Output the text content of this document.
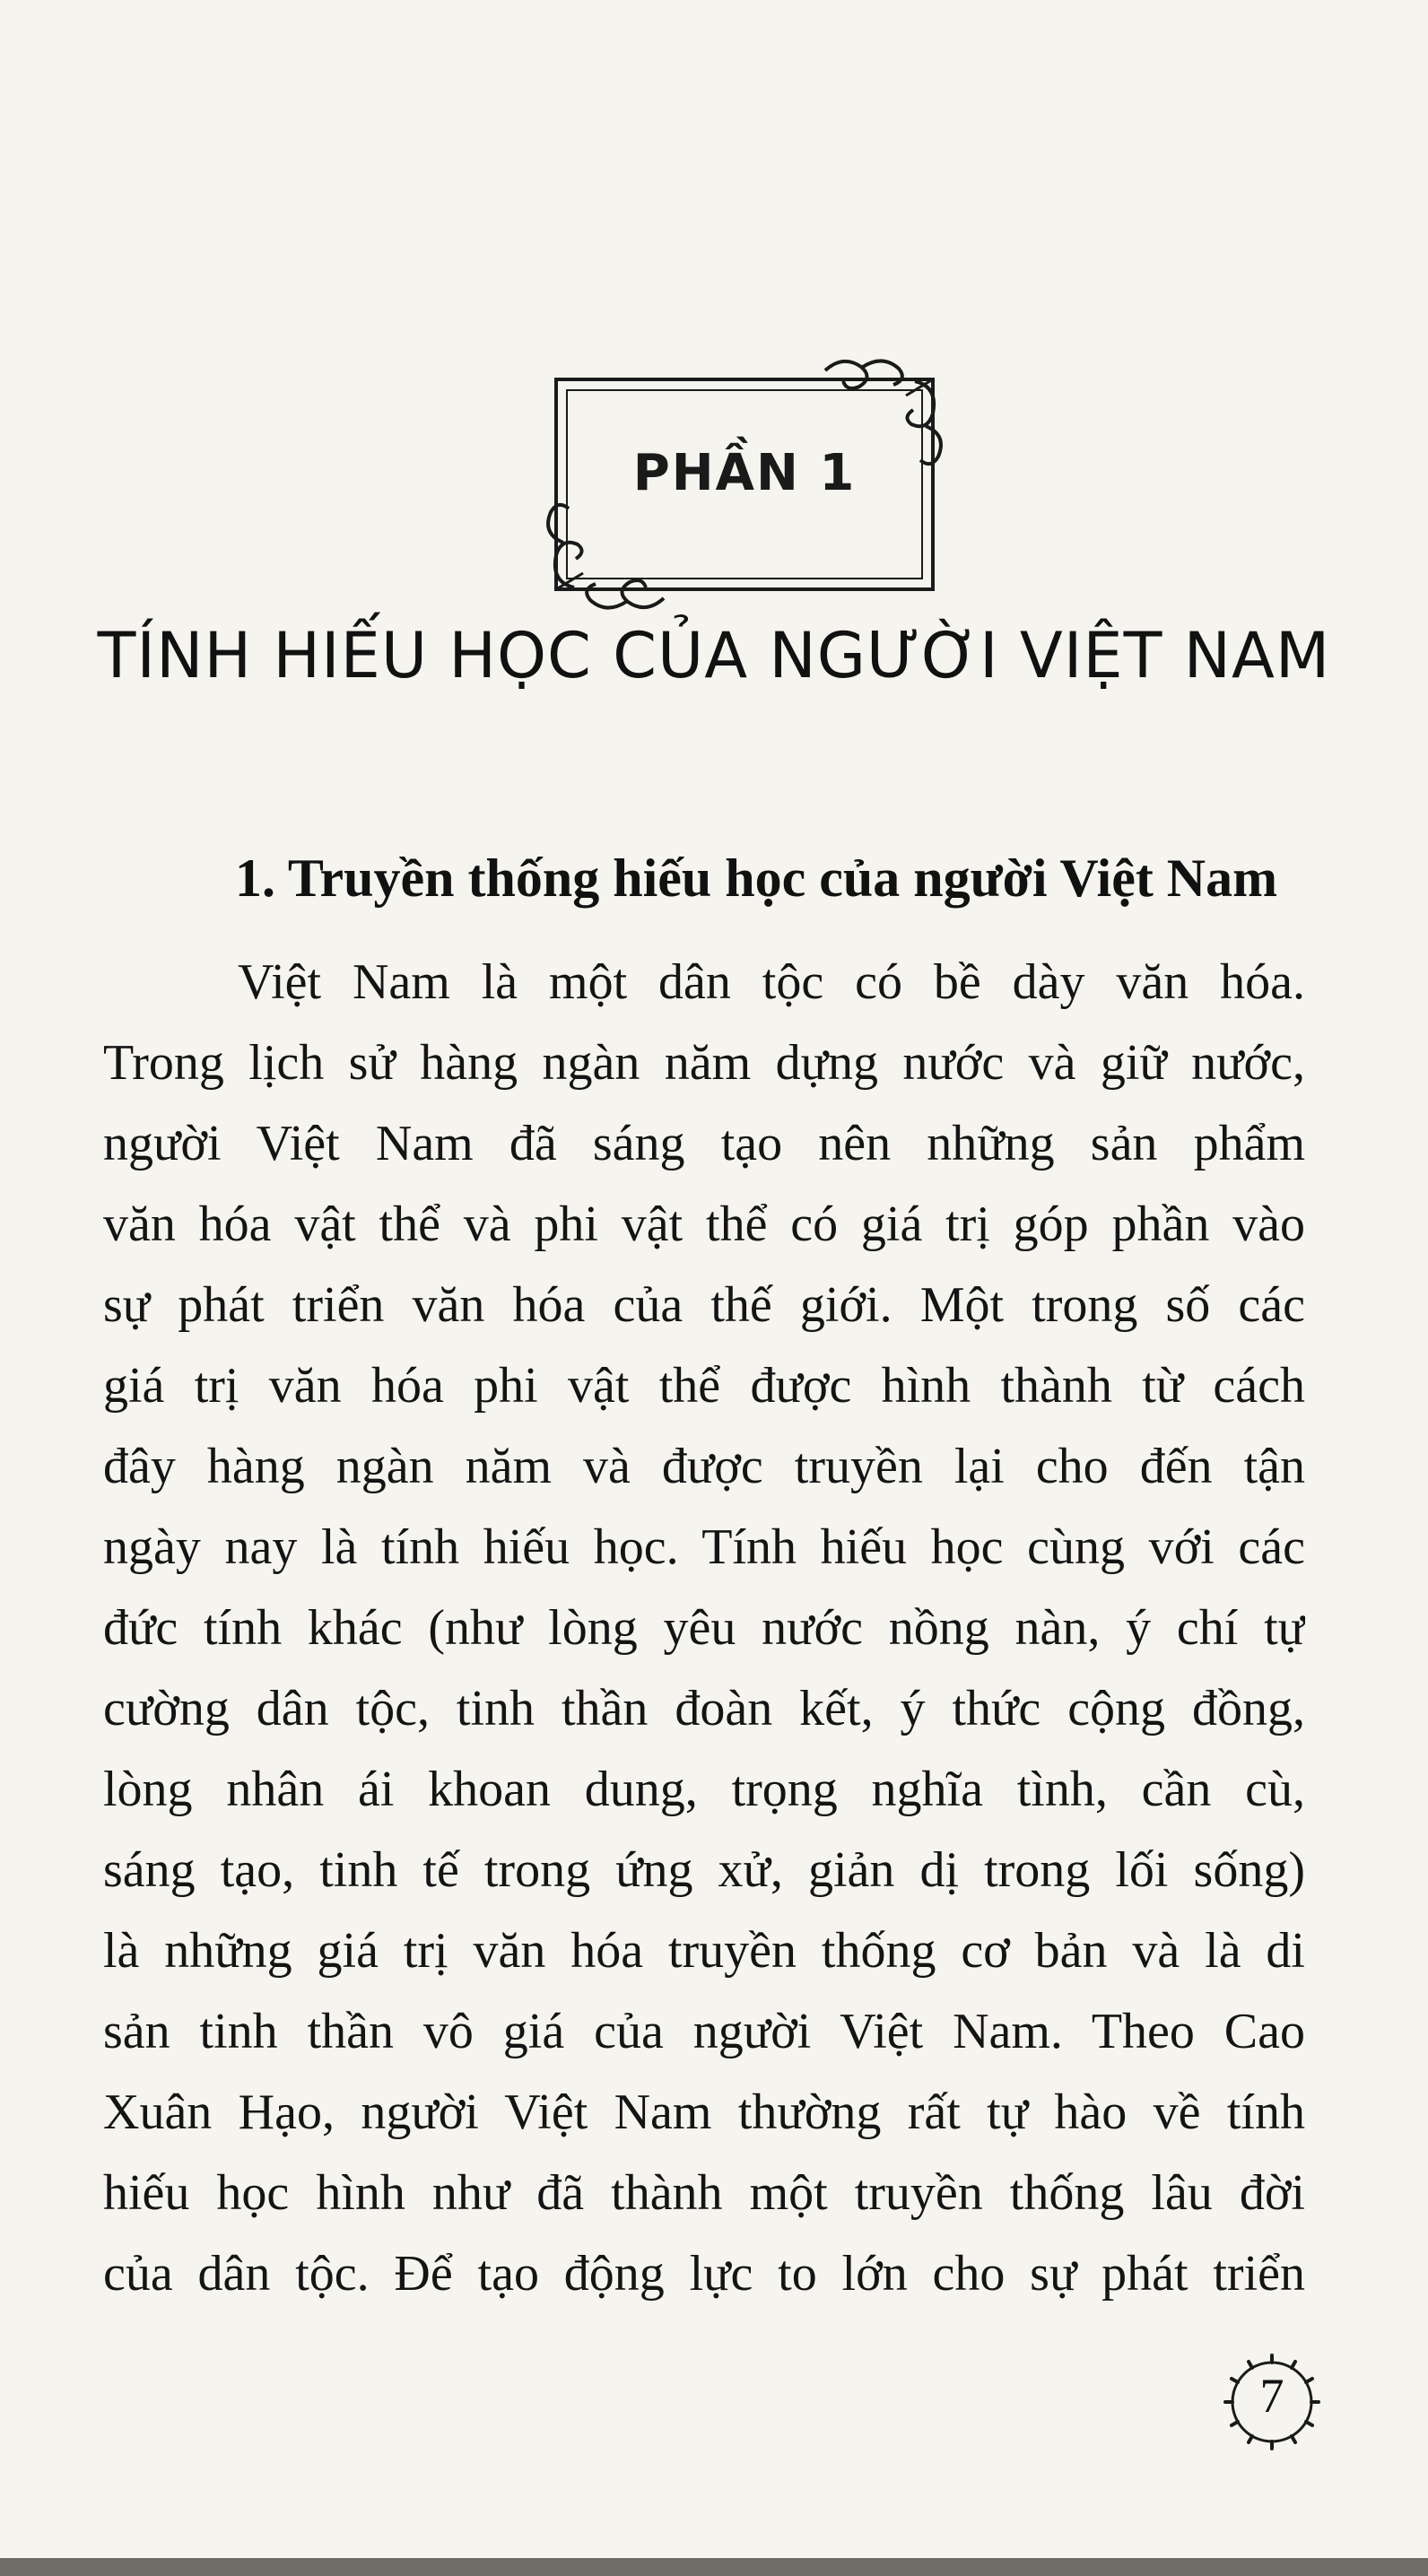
PHẦN 1
TÍNH HIẾU HỌC CỦA NGƯỜI VIỆT NAM
1. Truyền thống hiếu học của người Việt Nam
Việt Nam là một dân tộc có bề dày văn hóa.
Trong lịch sử hàng ngàn năm dựng nước và giữ nước,
người Việt Nam đã sáng tạo nên những sản phẩm
văn hóa vật thể và phi vật thể có giá trị góp phần vào
sự phát triển văn hóa của thế giới. Một trong số các
giá trị văn hóa phi vật thể được hình thành từ cách
đây hàng ngàn năm và được truyền lại cho đến tận
ngày nay là tính hiếu học. Tính hiếu học cùng với các
đức tính khác (như lòng yêu nước nồng nàn, ý chí tự
cường dân tộc, tinh thần đoàn kết, ý thức cộng đồng,
lòng nhân ái khoan dung, trọng nghĩa tình, cần cù,
sáng tạo, tinh tế trong ứng xử, giản dị trong lối sống)
là những giá trị văn hóa truyền thống cơ bản và là di
sản tinh thần vô giá của người Việt Nam. Theo Cao
Xuân Hạo, người Việt Nam thường rất tự hào về tính
hiếu học hình như đã thành một truyền thống lâu đời
của dân tộc. Để tạo động lực to lớn cho sự phát triển
7
